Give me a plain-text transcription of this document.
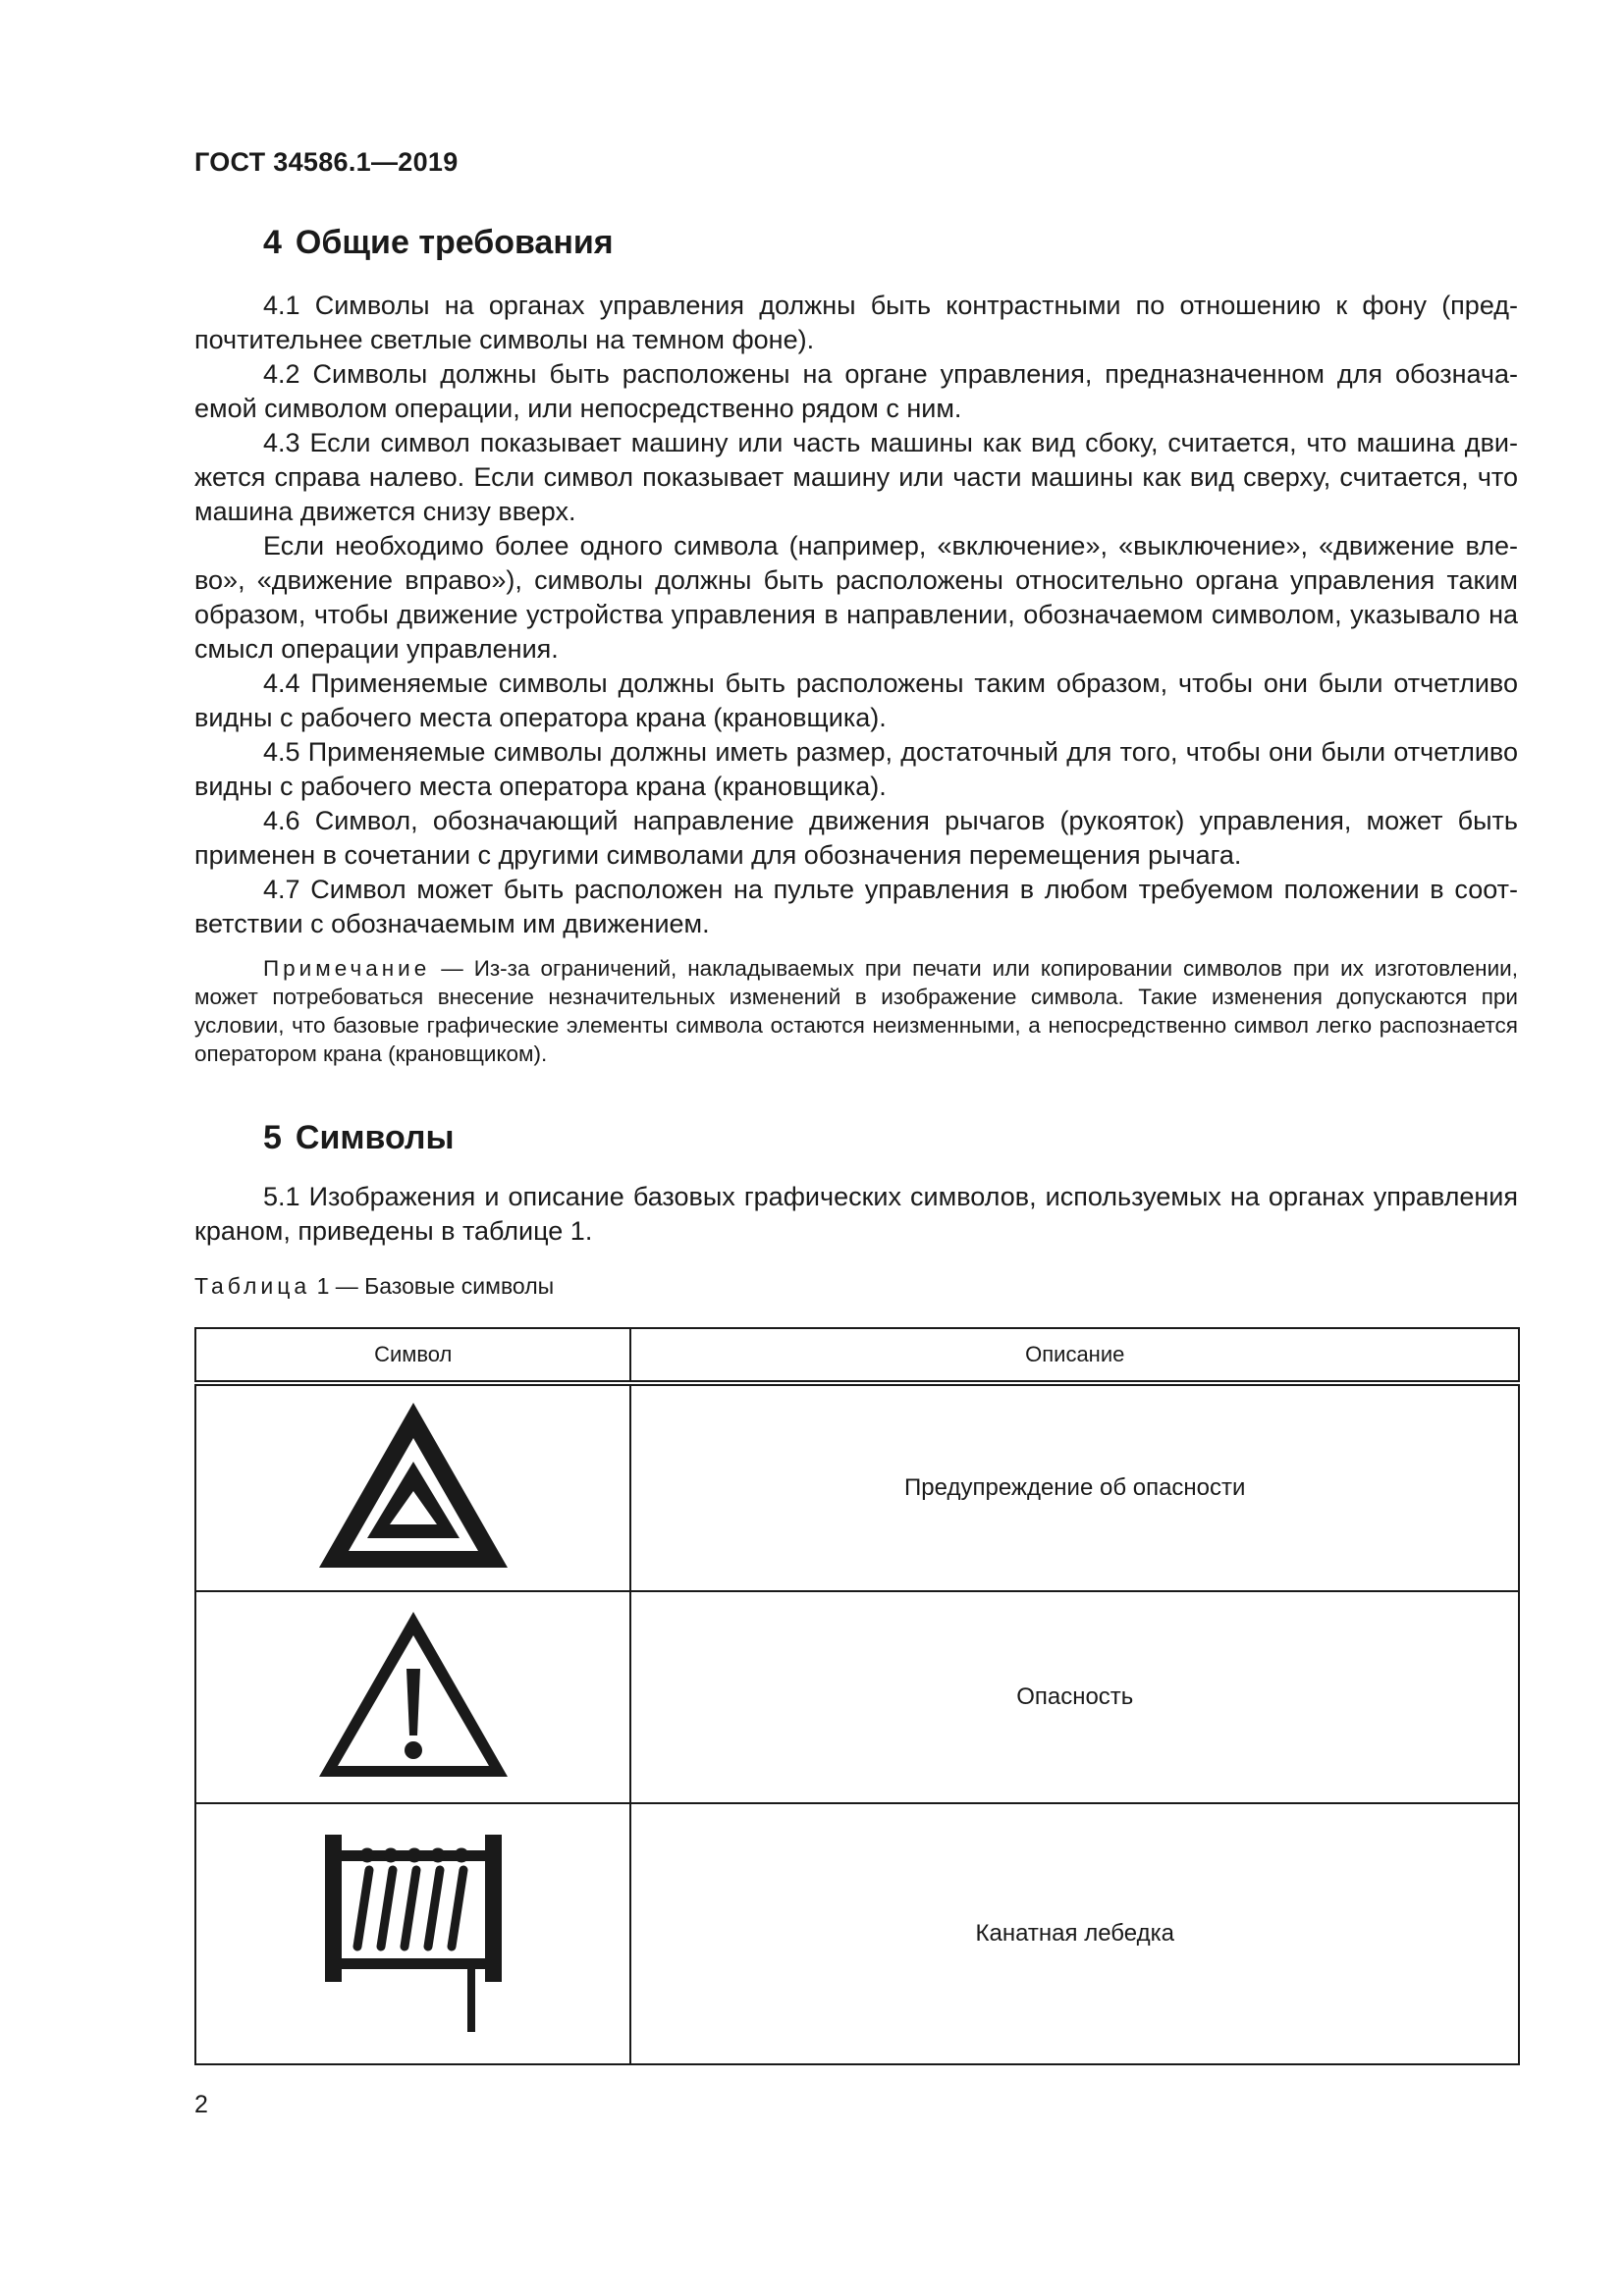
ГОСТ 34586.1—2019
4 Общие требования

4.1 Символы на органах управления должны быть контрастными по отношению к фону (предпочтительнее светлые символы на темном фоне).

4.2 Символы должны быть расположены на органе управления, предназначенном для обозначаемой символом операции, или непосредственно рядом с ним.

4.3 Если символ показывает машину или часть машины как вид сбоку, считается, что машина движется справа налево. Если символ показывает машину или части машины как вид сверху, считается, что машина движется снизу вверх.

Если необходимо более одного символа (например, «включение», «выключение», «движение влево», «движение вправо»), символы должны быть расположены относительно органа управления таким образом, чтобы движение устройства управления в направлении, обозначаемом символом, указывало на смысл операции управления.

4.4 Применяемые символы должны быть расположены таким образом, чтобы они были отчетливо видны с рабочего места оператора крана (крановщика).

4.5 Применяемые символы должны иметь размер, достаточный для того, чтобы они были отчетливо видны с рабочего места оператора крана (крановщика).

4.6 Символ, обозначающий направление движения рычагов (рукояток) управления, может быть применен в сочетании с другими символами для обозначения перемещения рычага.

4.7 Символ может быть расположен на пульте управления в любом требуемом положении в соответствии с обозначаемым им движением.

Примечание — Из-за ограничений, накладываемых при печати или копировании символов при их изготовлении, может потребоваться внесение незначительных изменений в изображение символа. Такие изменения допускаются при условии, что базовые графические элементы символа остаются неизменными, а непосредственно символ легко распознается оператором крана (крановщиком).

5 Символы

5.1 Изображения и описание базовых графических символов, используемых на органах управления краном, приведены в таблице 1.

Таблица 1 — Базовые символы
Символ	Описание
	Предупреждение об опасности
	Опасность
	Канатная лебедка
2
